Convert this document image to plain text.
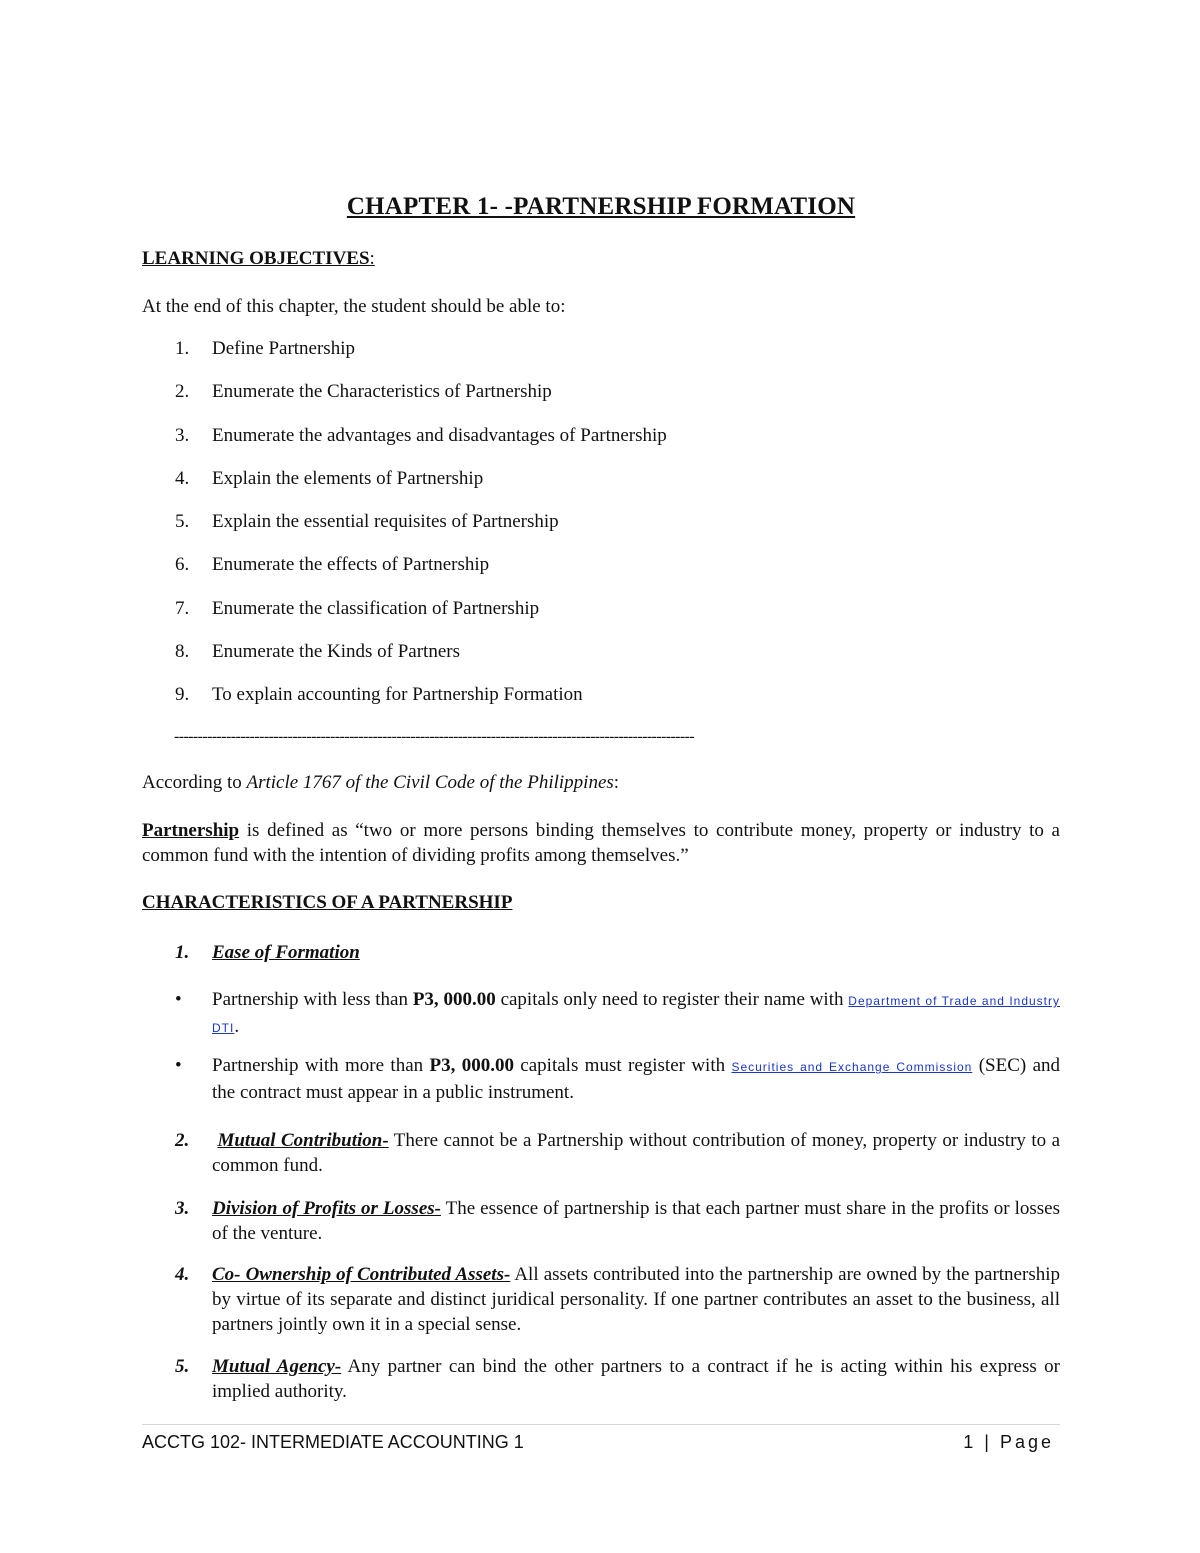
CHAPTER 1- -PARTNERSHIP FORMATION
LEARNING OBJECTIVES:
At the end of this chapter, the student should be able to:
1. Define Partnership
2. Enumerate the Characteristics of Partnership
3. Enumerate the advantages and disadvantages of Partnership
4. Explain the elements of Partnership
5. Explain the essential requisites of Partnership
6. Enumerate the effects of Partnership
7. Enumerate the classification of Partnership
8. Enumerate the Kinds of Partners
9. To explain accounting for Partnership Formation
--------------------------------------------------------------------------------------------------------------
According to Article 1767 of the Civil Code of the Philippines:
Partnership is defined as “two or more persons binding themselves to contribute money, property or industry to a common fund with the intention of dividing profits among themselves.”
CHARACTERISTICS OF A PARTNERSHIP
1. Ease of Formation
• Partnership with less than P3, 000.00 capitals only need to register their name with Department of Trade and Industry DTI.
• Partnership with more than P3, 000.00 capitals must register with Securities and Exchange Commission (SEC) and the contract must appear in a public instrument.
2. Mutual Contribution- There cannot be a Partnership without contribution of money, property or industry to a common fund.
3. Division of Profits or Losses- The essence of partnership is that each partner must share in the profits or losses of the venture.
4. Co- Ownership of Contributed Assets- All assets contributed into the partnership are owned by the partnership by virtue of its separate and distinct juridical personality. If one partner contributes an asset to the business, all partners jointly own it in a special sense.
5. Mutual Agency- Any partner can bind the other partners to a contract if he is acting within his express or implied authority.
ACCTG 102- INTERMEDIATE ACCOUNTING 1	1 | Page
